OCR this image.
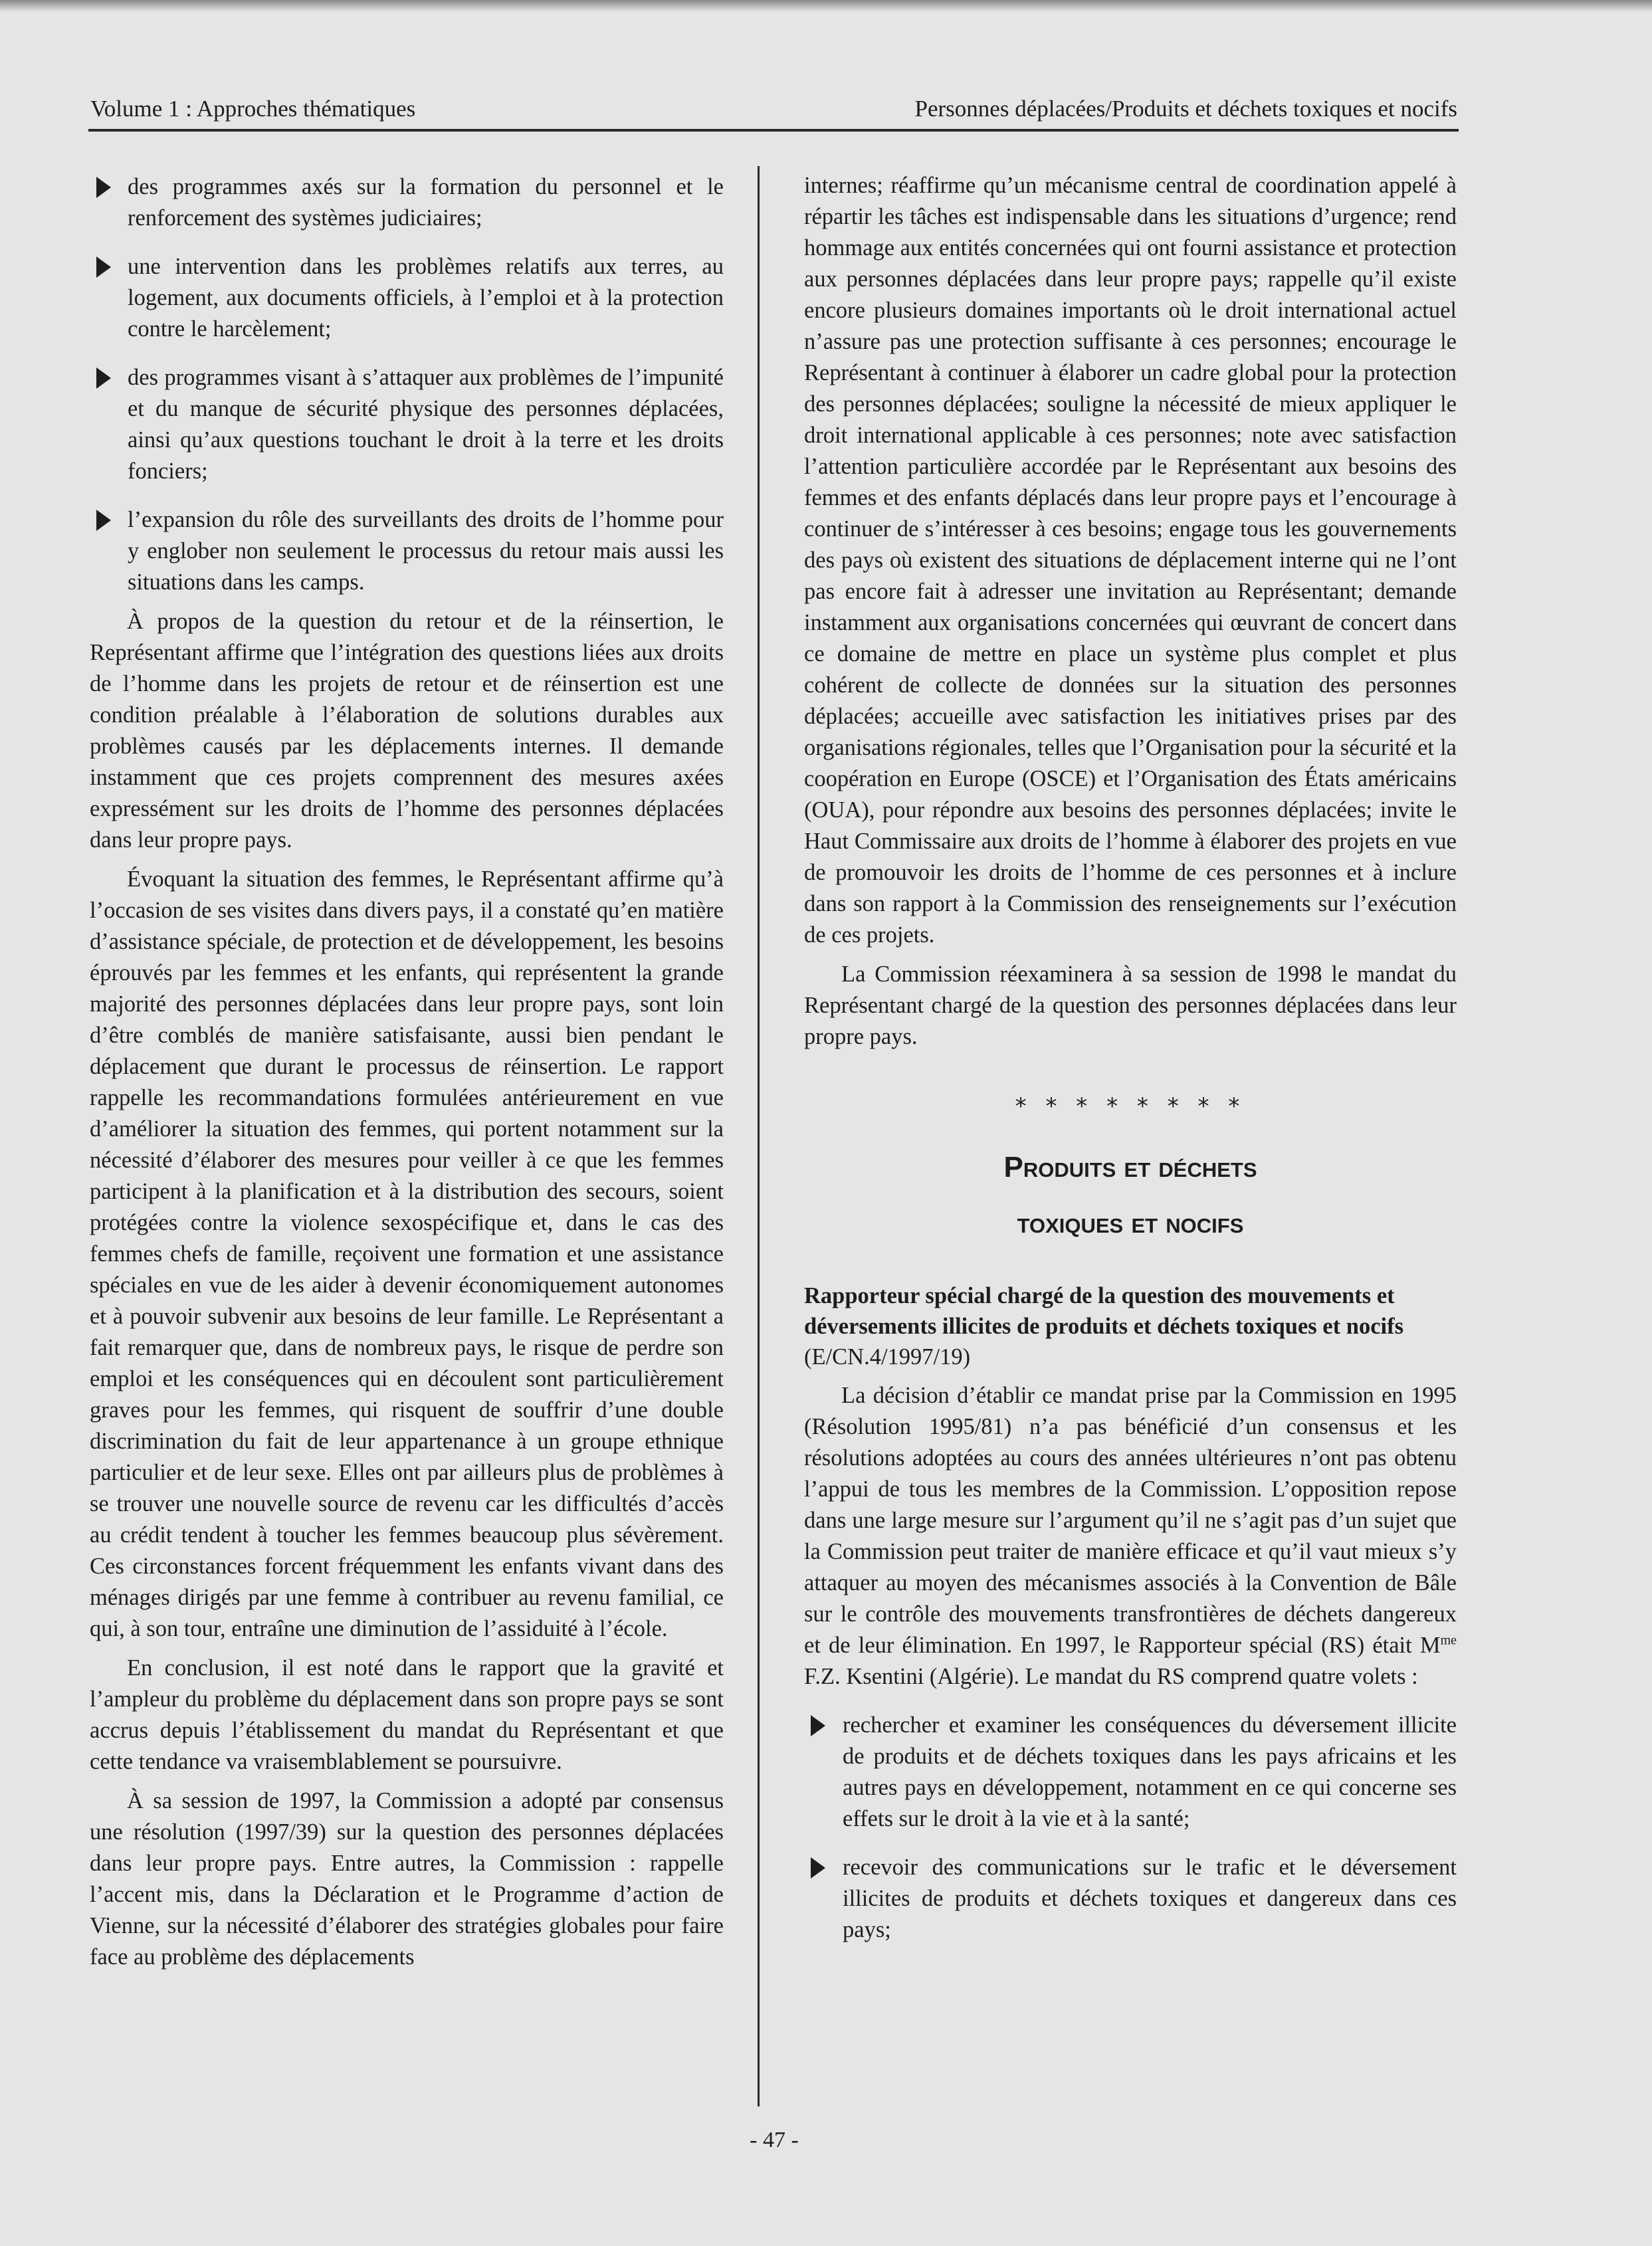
Volume 1 : Approches thématiques	Personnes déplacées/Produits et déchets toxiques et nocifs
des programmes axés sur la formation du personnel et le renforcement des systèmes judiciaires;
une intervention dans les problèmes relatifs aux terres, au logement, aux documents officiels, à l’emploi et à la protection contre le harcèlement;
des programmes visant à s’attaquer aux problèmes de l’impunité et du manque de sécurité physique des personnes déplacées, ainsi qu’aux questions touchant le droit à la terre et les droits fonciers;
l’expansion du rôle des surveillants des droits de l’homme pour y englober non seulement le processus du retour mais aussi les situations dans les camps.

À propos de la question du retour et de la réinsertion, le Représentant affirme que l’intégration des questions liées aux droits de l’homme dans les projets de retour et de réinsertion est une condition préalable à l’élaboration de solutions durables aux problèmes causés par les déplacements internes. Il demande instamment que ces projets comprennent des mesures axées expressément sur les droits de l’homme des personnes déplacées dans leur propre pays.

Évoquant la situation des femmes, le Représentant affirme qu’à l’occasion de ses visites dans divers pays, il a constaté qu’en matière d’assistance spéciale, de protection et de développement, les besoins éprouvés par les femmes et les enfants, qui représentent la grande majorité des personnes déplacées dans leur propre pays, sont loin d’être comblés de manière satisfaisante, aussi bien pendant le déplacement que durant le processus de réinsertion. Le rapport rappelle les recommandations formulées antérieurement en vue d’améliorer la situation des femmes, qui portent notamment sur la nécessité d’élaborer des mesures pour veiller à ce que les femmes participent à la planification et à la distribution des secours, soient protégées contre la violence sexospécifique et, dans le cas des femmes chefs de famille, reçoivent une formation et une assistance spéciales en vue de les aider à devenir économiquement autonomes et à pouvoir subvenir aux besoins de leur famille. Le Représentant a fait remarquer que, dans de nombreux pays, le risque de perdre son emploi et les conséquences qui en découlent sont particulièrement graves pour les femmes, qui risquent de souffrir d’une double discrimination du fait de leur appartenance à un groupe ethnique particulier et de leur sexe. Elles ont par ailleurs plus de problèmes à se trouver une nouvelle source de revenu car les difficultés d’accès au crédit tendent à toucher les femmes beaucoup plus sévèrement. Ces circonstances forcent fréquemment les enfants vivant dans des ménages dirigés par une femme à contribuer au revenu familial, ce qui, à son tour, entraîne une diminution de l’assiduité à l’école.

En conclusion, il est noté dans le rapport que la gravité et l’ampleur du problème du déplacement dans son propre pays se sont accrus depuis l’établissement du mandat du Représentant et que cette tendance va vraisemblablement se poursuivre.

À sa session de 1997, la Commission a adopté par consensus une résolution (1997/39) sur la question des personnes déplacées dans leur propre pays. Entre autres, la Commission : rappelle l’accent mis, dans la Déclaration et le Programme d’action de Vienne, sur la nécessité d’élaborer des stratégies globales pour faire face au problème des déplacements

internes; réaffirme qu’un mécanisme central de coordination appelé à répartir les tâches est indispensable dans les situations d’urgence; rend hommage aux entités concernées qui ont fourni assistance et protection aux personnes déplacées dans leur propre pays; rappelle qu’il existe encore plusieurs domaines importants où le droit international actuel n’assure pas une protection suffisante à ces personnes; encourage le Représentant à continuer à élaborer un cadre global pour la protection des personnes déplacées; souligne la nécessité de mieux appliquer le droit international applicable à ces personnes; note avec satisfaction l’attention particulière accordée par le Représentant aux besoins des femmes et des enfants déplacés dans leur propre pays et l’encourage à continuer de s’intéresser à ces besoins; engage tous les gouvernements des pays où existent des situations de déplacement interne qui ne l’ont pas encore fait à adresser une invitation au Représentant; demande instamment aux organisations concernées qui œuvrant de concert dans ce domaine de mettre en place un système plus complet et plus cohérent de collecte de données sur la situation des personnes déplacées; accueille avec satisfaction les initiatives prises par des organisations régionales, telles que l’Organisation pour la sécurité et la coopération en Europe (OSCE) et l’Organisation des États américains (OUA), pour répondre aux besoins des personnes déplacées; invite le Haut Commissaire aux droits de l’homme à élaborer des projets en vue de promouvoir les droits de l’homme de ces personnes et à inclure dans son rapport à la Commission des renseignements sur l’exécution de ces projets.

La Commission réexaminera à sa session de 1998 le mandat du Représentant chargé de la question des personnes déplacées dans leur propre pays.

* * * * * * * *
Produits et déchets
toxiques et nocifs

Rapporteur spécial chargé de la question des mouvements et déversements illicites de produits et déchets toxiques et nocifs (E/CN.4/1997/19)

La décision d’établir ce mandat prise par la Commission en 1995 (Résolution 1995/81) n’a pas bénéficié d’un consensus et les résolutions adoptées au cours des années ultérieures n’ont pas obtenu l’appui de tous les membres de la Commission. L’opposition repose dans une large mesure sur l’argument qu’il ne s’agit pas d’un sujet que la Commission peut traiter de manière efficace et qu’il vaut mieux s’y attaquer au moyen des mécanismes associés à la Convention de Bâle sur le contrôle des mouvements transfrontières de déchets dangereux et de leur élimination. En 1997, le Rapporteur spécial (RS) était $M^{me}$ F.Z. Ksentini (Algérie). Le mandat du RS comprend quatre volets :

rechercher et examiner les conséquences du déversement illicite de produits et de déchets toxiques dans les pays africains et les autres pays en développement, notamment en ce qui concerne ses effets sur le droit à la vie et à la santé;
recevoir des communications sur le trafic et le déversement illicites de produits et déchets toxiques et dangereux dans ces pays;
- 47 -
